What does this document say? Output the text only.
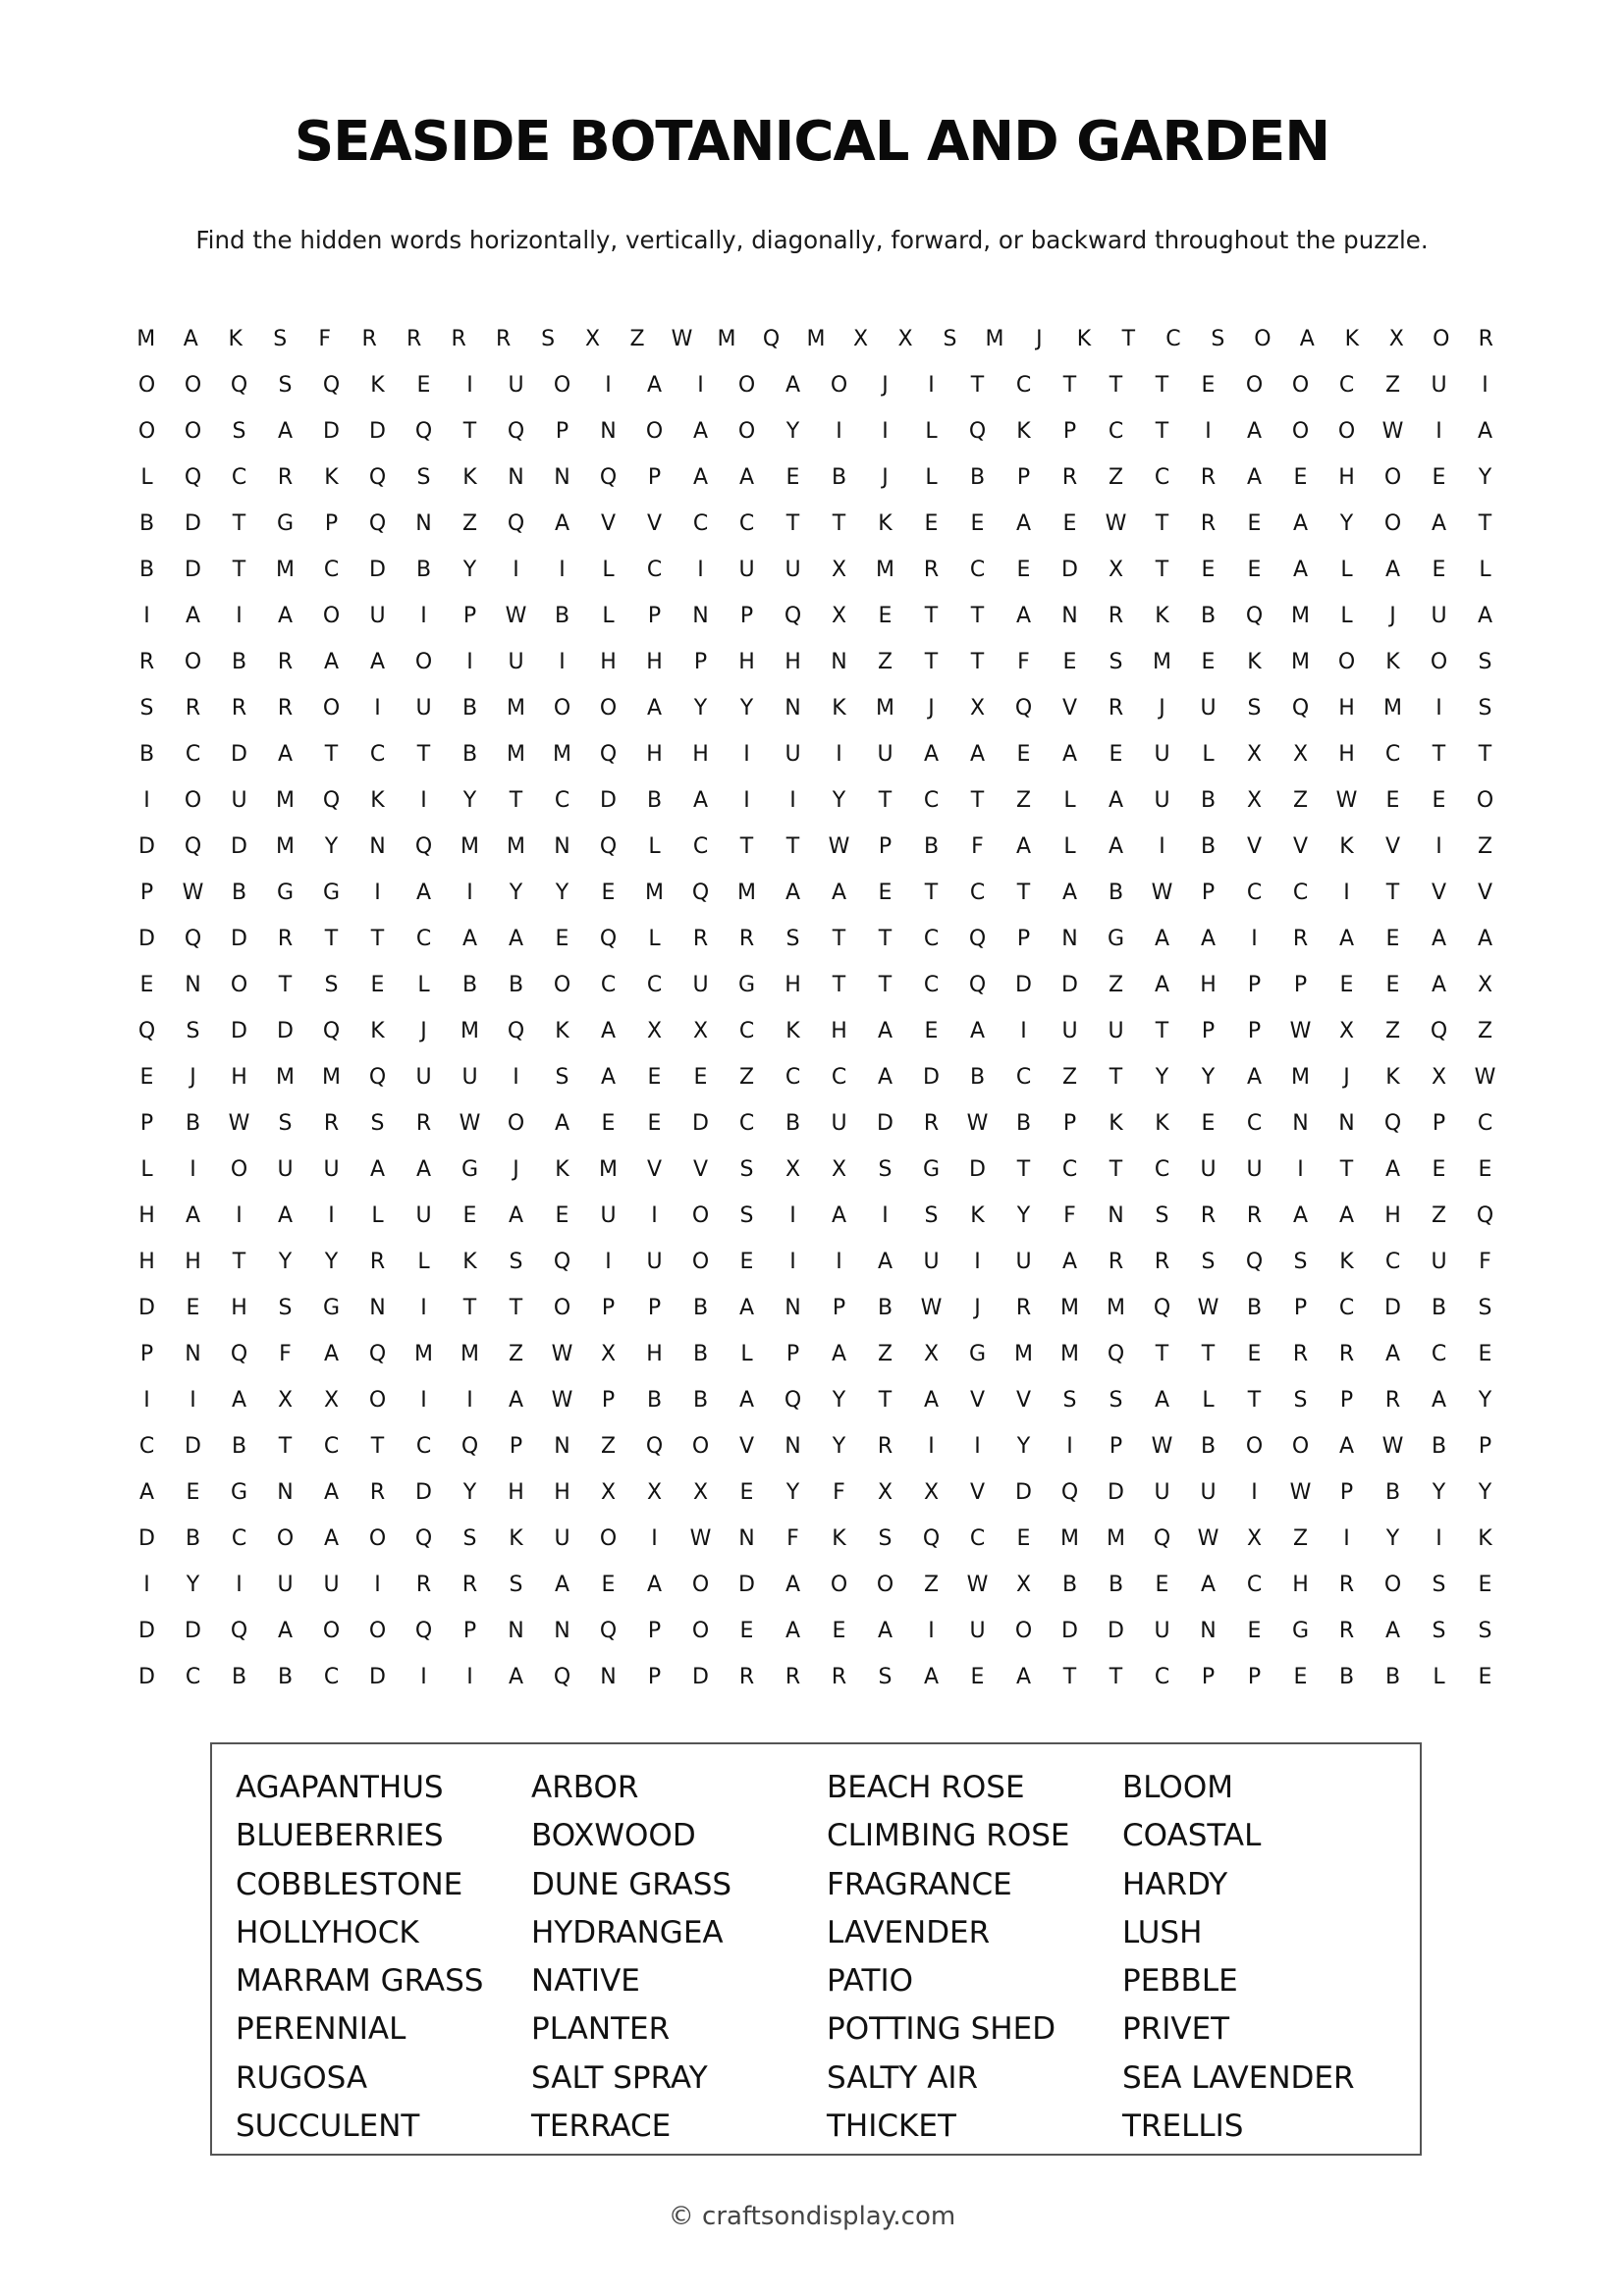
SEASIDE BOTANICAL AND GARDEN

Find the hidden words horizontally, vertically, diagonally, forward, or backward throughout the puzzle.

M	A	K	S	F	R	R	R	R	S	X	Z	W	M	Q	M	X	X	S	M	J	K	T	C	S	O	A	K	X	O	R
O	O	Q	S	Q	K	E	I	U	O	I	A	I	O	A	O	J	I	T	C	T	T	T	E	O	O	C	Z	U	I
O	O	S	A	D	D	Q	T	Q	P	N	O	A	O	Y	I	I	L	Q	K	P	C	T	I	A	O	O	W	I	A
L	Q	C	R	K	Q	S	K	N	N	Q	P	A	A	E	B	J	L	B	P	R	Z	C	R	A	E	H	O	E	Y
B	D	T	G	P	Q	N	Z	Q	A	V	V	C	C	T	T	K	E	E	A	E	W	T	R	E	A	Y	O	A	T
B	D	T	M	C	D	B	Y	I	I	L	C	I	U	U	X	M	R	C	E	D	X	T	E	E	A	L	A	E	L
I	A	I	A	O	U	I	P	W	B	L	P	N	P	Q	X	E	T	T	A	N	R	K	B	Q	M	L	J	U	A
R	O	B	R	A	A	O	I	U	I	H	H	P	H	H	N	Z	T	T	F	E	S	M	E	K	M	O	K	O	S
S	R	R	R	O	I	U	B	M	O	O	A	Y	Y	N	K	M	J	X	Q	V	R	J	U	S	Q	H	M	I	S
B	C	D	A	T	C	T	B	M	M	Q	H	H	I	U	I	U	A	A	E	A	E	U	L	X	X	H	C	T	T
I	O	U	M	Q	K	I	Y	T	C	D	B	A	I	I	Y	T	C	T	Z	L	A	U	B	X	Z	W	E	E	O
D	Q	D	M	Y	N	Q	M	M	N	Q	L	C	T	T	W	P	B	F	A	L	A	I	B	V	V	K	V	I	Z
P	W	B	G	G	I	A	I	Y	Y	E	M	Q	M	A	A	E	T	C	T	A	B	W	P	C	C	I	T	V	V
D	Q	D	R	T	T	C	A	A	E	Q	L	R	R	S	T	T	C	Q	P	N	G	A	A	I	R	A	E	A	A
E	N	O	T	S	E	L	B	B	O	C	C	U	G	H	T	T	C	Q	D	D	Z	A	H	P	P	E	E	A	X
Q	S	D	D	Q	K	J	M	Q	K	A	X	X	C	K	H	A	E	A	I	U	U	T	P	P	W	X	Z	Q	Z
E	J	H	M	M	Q	U	U	I	S	A	E	E	Z	C	C	A	D	B	C	Z	T	Y	Y	A	M	J	K	X	W
P	B	W	S	R	S	R	W	O	A	E	E	D	C	B	U	D	R	W	B	P	K	K	E	C	N	N	Q	P	C
L	I	O	U	U	A	A	G	J	K	M	V	V	S	X	X	S	G	D	T	C	T	C	U	U	I	T	A	E	E
H	A	I	A	I	L	U	E	A	E	U	I	O	S	I	A	I	S	K	Y	F	N	S	R	R	A	A	H	Z	Q
H	H	T	Y	Y	R	L	K	S	Q	I	U	O	E	I	I	A	U	I	U	A	R	R	S	Q	S	K	C	U	F
D	E	H	S	G	N	I	T	T	O	P	P	B	A	N	P	B	W	J	R	M	M	Q	W	B	P	C	D	B	S
P	N	Q	F	A	Q	M	M	Z	W	X	H	B	L	P	A	Z	X	G	M	M	Q	T	T	E	R	R	A	C	E
I	I	A	X	X	O	I	I	A	W	P	B	B	A	Q	Y	T	A	V	V	S	S	A	L	T	S	P	R	A	Y
C	D	B	T	C	T	C	Q	P	N	Z	Q	O	V	N	Y	R	I	I	Y	I	P	W	B	O	O	A	W	B	P
A	E	G	N	A	R	D	Y	H	H	X	X	X	E	Y	F	X	X	V	D	Q	D	U	U	I	W	P	B	Y	Y
D	B	C	O	A	O	Q	S	K	U	O	I	W	N	F	K	S	Q	C	E	M	M	Q	W	X	Z	I	Y	I	K
I	Y	I	U	U	I	R	R	S	A	E	A	O	D	A	O	O	Z	W	X	B	B	E	A	C	H	R	O	S	E
D	D	Q	A	O	O	Q	P	N	N	Q	P	O	E	A	E	A	I	U	O	D	D	U	N	E	G	R	A	S	S
D	C	B	B	C	D	I	I	A	Q	N	P	D	R	R	R	S	A	E	A	T	T	C	P	P	E	B	B	L	E
AGAPANTHUS	ARBOR	BEACH ROSE	BLOOM
BLUEBERRIES	BOXWOOD	CLIMBING ROSE	COASTAL
COBBLESTONE	DUNE GRASS	FRAGRANCE	HARDY
HOLLYHOCK	HYDRANGEA	LAVENDER	LUSH
MARRAM GRASS	NATIVE	PATIO	PEBBLE
PERENNIAL	PLANTER	POTTING SHED	PRIVET
RUGOSA	SALT SPRAY	SALTY AIR	SEA LAVENDER
SUCCULENT	TERRACE	THICKET	TRELLIS

© craftsondisplay.com
